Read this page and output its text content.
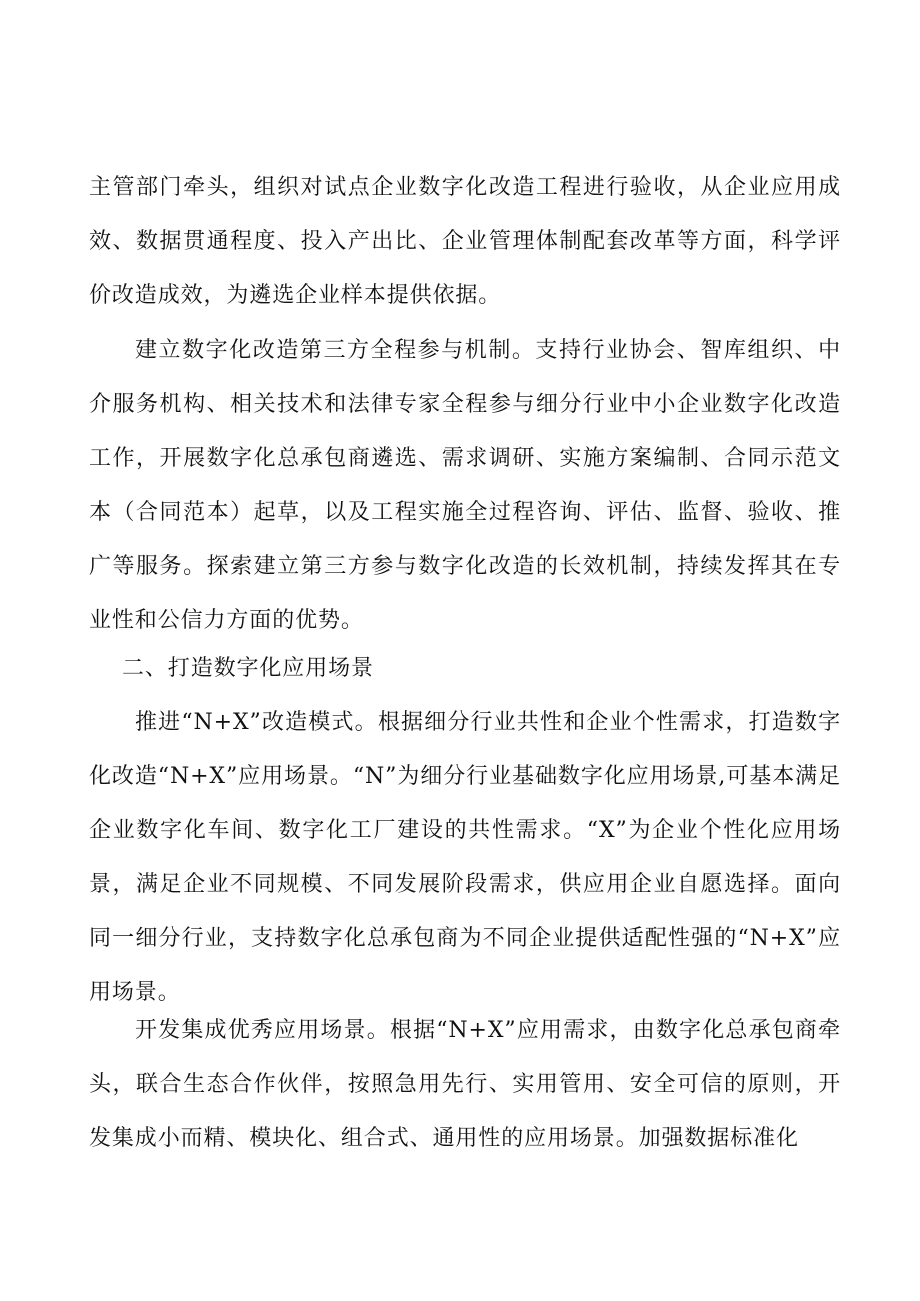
主管部门牵头，组织对试点企业数字化改造工程进行验收，从企业应用成效、数据贯通程度、投入产出比、企业管理体制配套改革等方面，科学评价改造成效，为遴选企业样本提供依据。

建立数字化改造第三方全程参与机制。支持行业协会、智库组织、中介服务机构、相关技术和法律专家全程参与细分行业中小企业数字化改造工作，开展数字化总承包商遴选、需求调研、实施方案编制、合同示范文本（合同范本）起草，以及工程实施全过程咨询、评估、监督、验收、推广等服务。探索建立第三方参与数字化改造的长效机制，持续发挥其在专业性和公信力方面的优势。

二、打造数字化应用场景

推进“N+X”改造模式。根据细分行业共性和企业个性需求，打造数字化改造“N+X”应用场景。“N”为细分行业基础数字化应用场景,可基本满足企业数字化车间、数字化工厂建设的共性需求。“X”为企业个性化应用场景，满足企业不同规模、不同发展阶段需求，供应用企业自愿选择。面向同一细分行业，支持数字化总承包商为不同企业提供适配性强的“N+X”应用场景。

开发集成优秀应用场景。根据“N+X”应用需求，由数字化总承包商牵头，联合生态合作伙伴，按照急用先行、实用管用、安全可信的原则，开发集成小而精、模块化、组合式、通用性的应用场景。加强数据标准化
